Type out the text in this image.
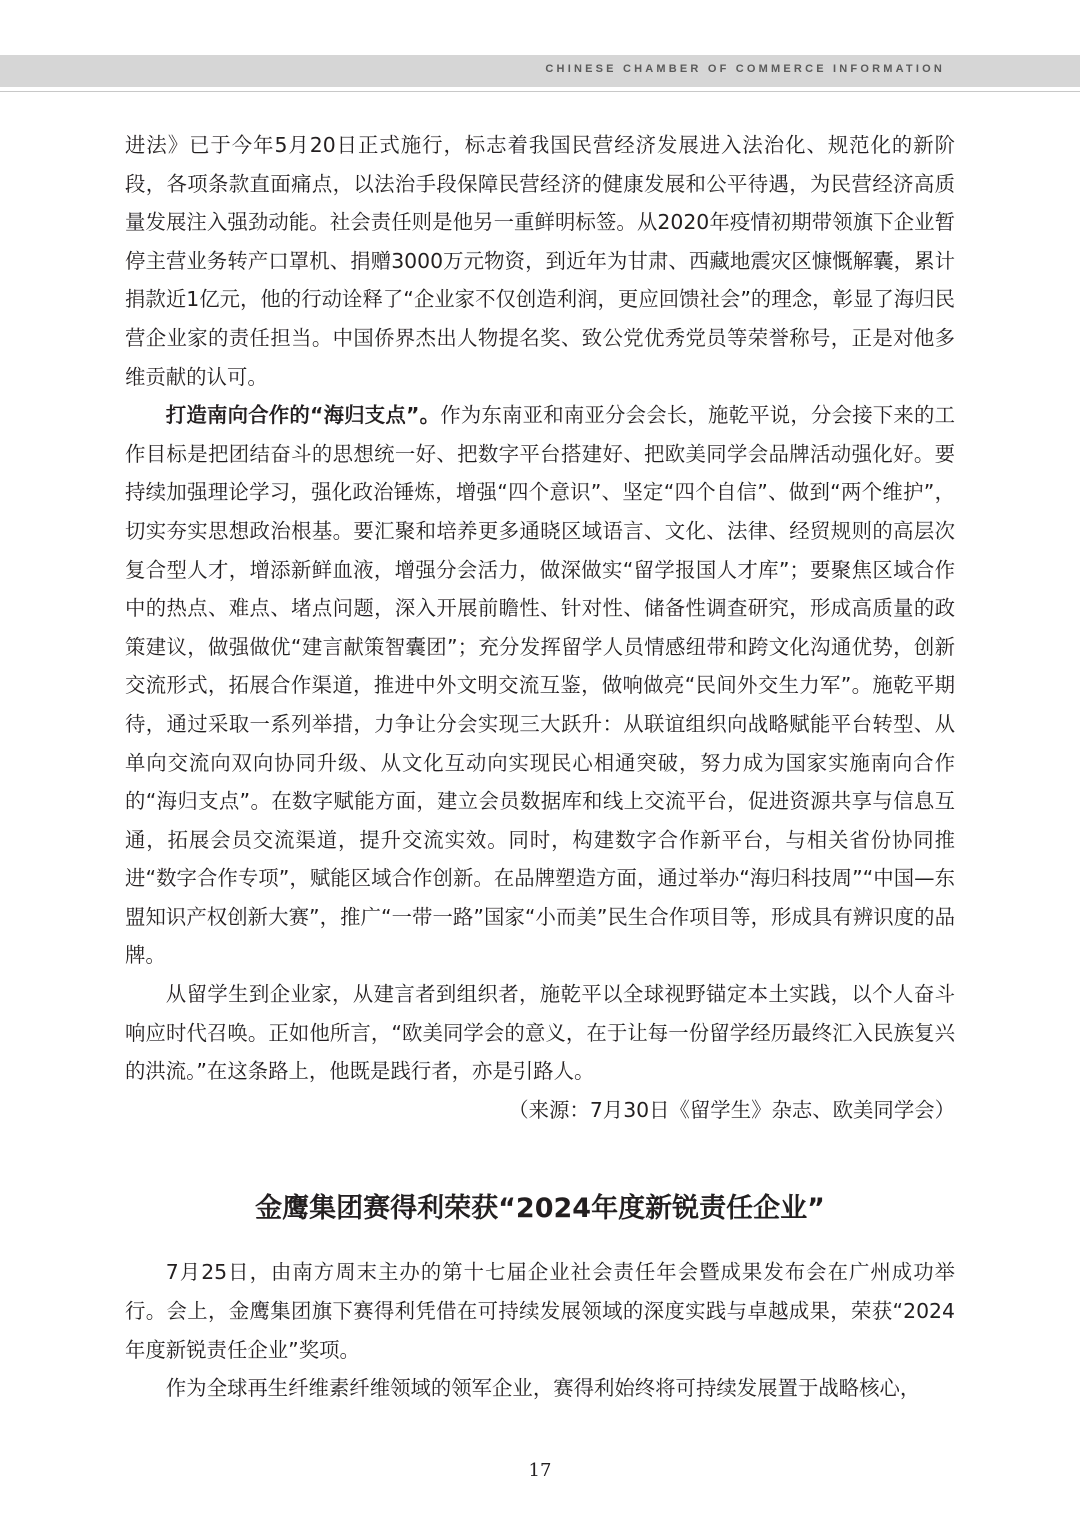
CHINESE CHAMBER OF COMMERCE INFORMATION

进法》已于今年5月20日正式施行，标志着我国民营经济发展进入法治化、规范化的新阶段，各项条款直面痛点，以法治手段保障民营经济的健康发展和公平待遇，为民营经济高质量发展注入强劲动能。社会责任则是他另一重鲜明标签。从2020年疫情初期带领旗下企业暂停主营业务转产口罩机、捐赠3000万元物资，到近年为甘肃、西藏地震灾区慷慨解囊，累计捐款近1亿元，他的行动诠释了“企业家不仅创造利润，更应回馈社会”的理念，彰显了海归民营企业家的责任担当。中国侨界杰出人物提名奖、致公党优秀党员等荣誉称号，正是对他多维贡献的认可。

打造南向合作的“海归支点”。作为东南亚和南亚分会会长，施乾平说，分会接下来的工作目标是把团结奋斗的思想统一好、把数字平台搭建好、把欧美同学会品牌活动强化好。要持续加强理论学习，强化政治锤炼，增强“四个意识”、坚定“四个自信”、做到“两个维护”，切实夯实思想政治根基。要汇聚和培养更多通晓区域语言、文化、法律、经贸规则的高层次复合型人才，增添新鲜血液，增强分会活力，做深做实“留学报国人才库”；要聚焦区域合作中的热点、难点、堵点问题，深入开展前瞻性、针对性、储备性调查研究，形成高质量的政策建议，做强做优“建言献策智囊团”；充分发挥留学人员情感纽带和跨文化沟通优势，创新交流形式，拓展合作渠道，推进中外文明交流互鉴，做响做亮“民间外交生力军”。施乾平期待，通过采取一系列举措，力争让分会实现三大跃升：从联谊组织向战略赋能平台转型、从单向交流向双向协同升级、从文化互动向实现民心相通突破，努力成为国家实施南向合作的“海归支点”。在数字赋能方面，建立会员数据库和线上交流平台，促进资源共享与信息互通，拓展会员交流渠道，提升交流实效。同时，构建数字合作新平台，与相关省份协同推进“数字合作专项”，赋能区域合作创新。在品牌塑造方面，通过举办“海归科技周”“中国—东盟知识产权创新大赛”，推广“一带一路”国家“小而美”民生合作项目等，形成具有辨识度的品牌。

从留学生到企业家，从建言者到组织者，施乾平以全球视野锚定本土实践，以个人奋斗响应时代召唤。正如他所言，“欧美同学会的意义，在于让每一份留学经历最终汇入民族复兴的洪流。”在这条路上，他既是践行者，亦是引路人。

（来源：7月30日《留学生》杂志、欧美同学会）

金鹰集团赛得利荣获“2024年度新锐责任企业”

7月25日，由南方周末主办的第十七届企业社会责任年会暨成果发布会在广州成功举行。会上，金鹰集团旗下赛得利凭借在可持续发展领域的深度实践与卓越成果，荣获“2024年度新锐责任企业”奖项。

作为全球再生纤维素纤维领域的领军企业，赛得利始终将可持续发展置于战略核心，

17
